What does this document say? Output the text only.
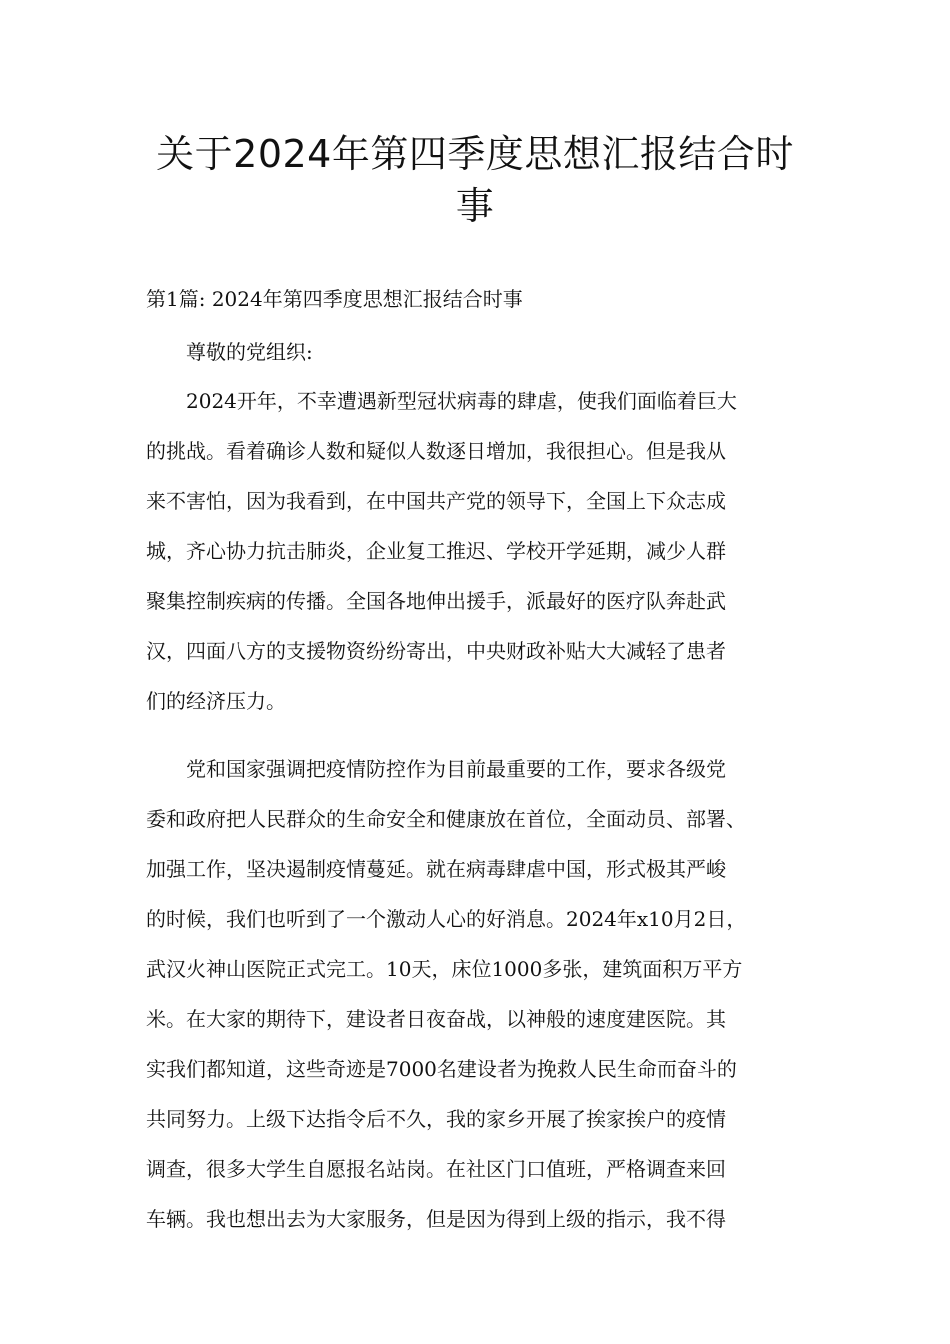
关于2024年第四季度思想汇报结合时
事

第1篇: 2024年第四季度思想汇报结合时事

尊敬的党组织:

2024开年，不幸遭遇新型冠状病毒的肆虐，使我们面临着巨大
的挑战。看着确诊人数和疑似人数逐日增加，我很担心。但是我从
来不害怕，因为我看到，在中国共产党的领导下，全国上下众志成
城，齐心协力抗击肺炎，企业复工推迟、学校开学延期，减少人群
聚集控制疾病的传播。全国各地伸出援手，派最好的医疗队奔赴武
汉，四面八方的支援物资纷纷寄出，中央财政补贴大大减轻了患者
们的经济压力。

党和国家强调把疫情防控作为目前最重要的工作，要求各级党
委和政府把人民群众的生命安全和健康放在首位，全面动员、部署、
加强工作，坚决遏制疫情蔓延。就在病毒肆虐中国，形式极其严峻
的时候，我们也听到了一个激动人心的好消息。2024年x10月2日，
武汉火神山医院正式完工。10天，床位1000多张，建筑面积万平方
米。在大家的期待下，建设者日夜奋战，以神般的速度建医院。其
实我们都知道，这些奇迹是7000名建设者为挽救人民生命而奋斗的
共同努力。上级下达指令后不久，我的家乡开展了挨家挨户的疫情
调查，很多大学生自愿报名站岗。在社区门口值班，严格调查来回
车辆。我也想出去为大家服务，但是因为得到上级的指示，我不得
